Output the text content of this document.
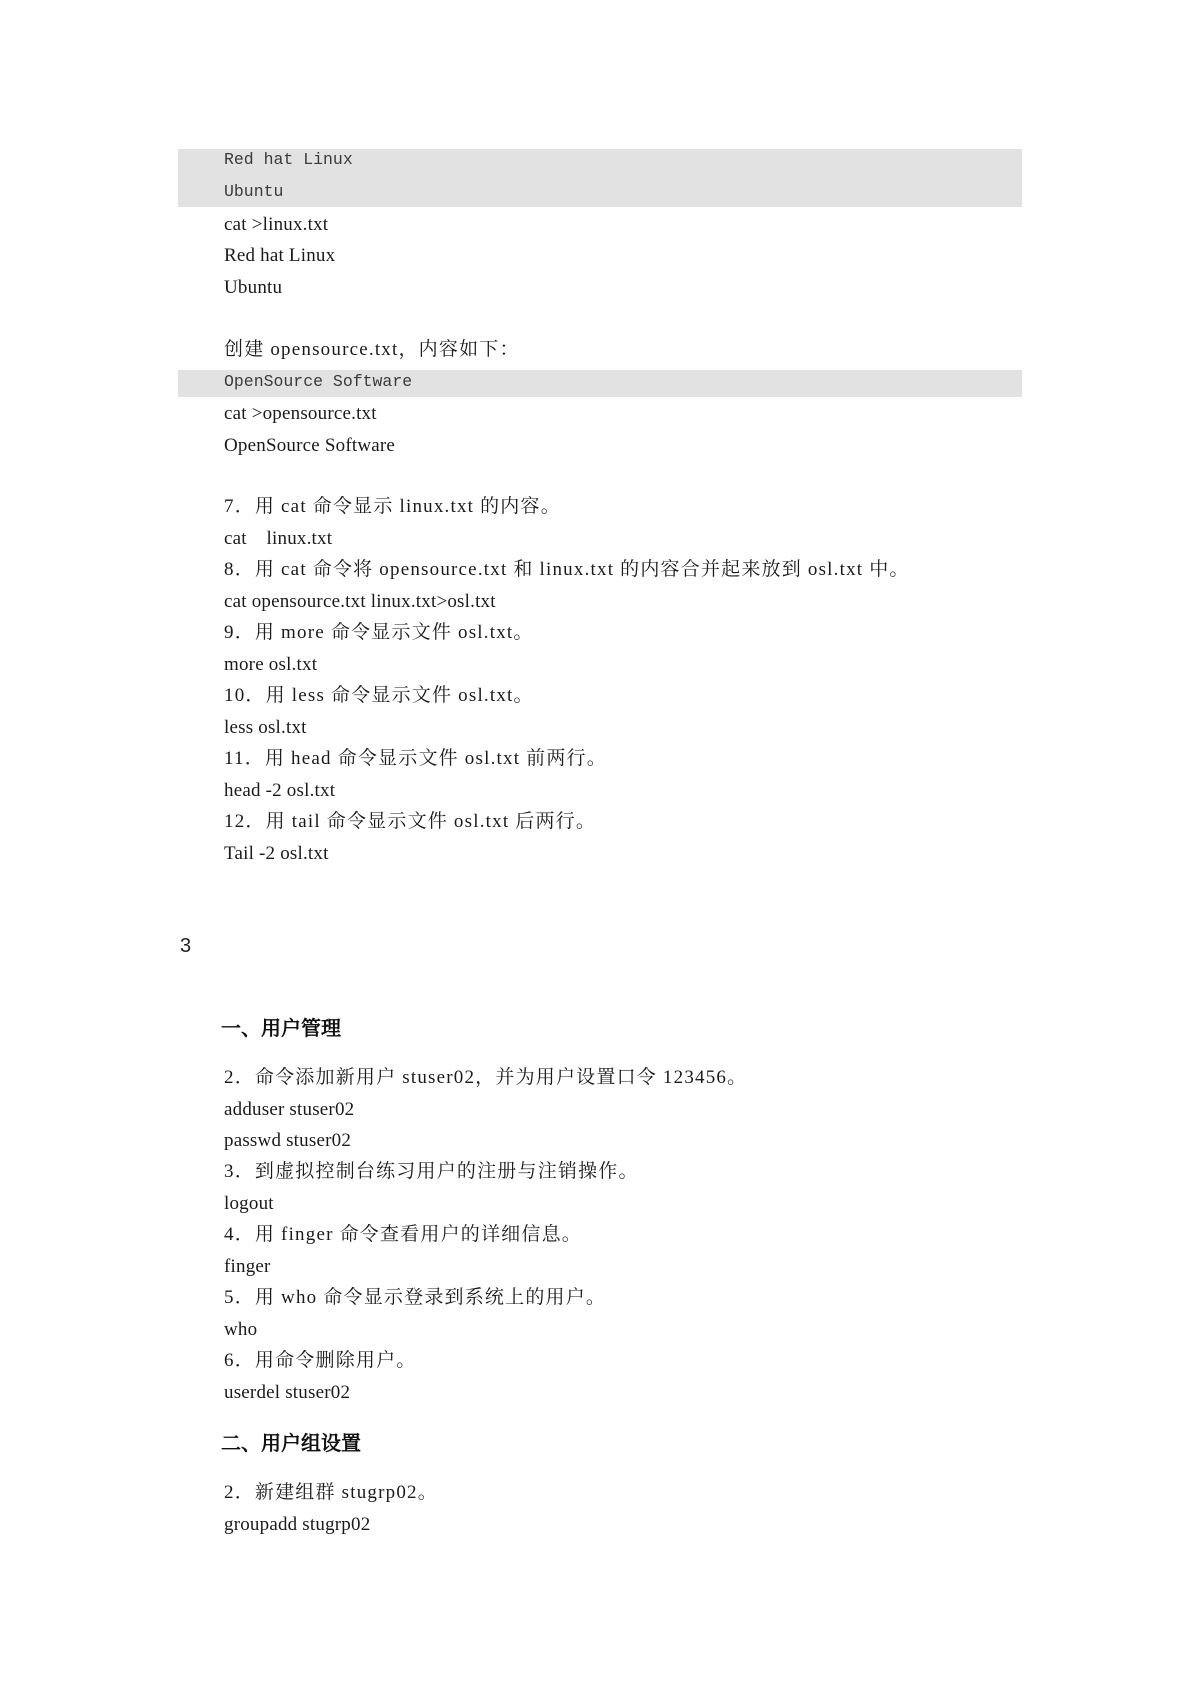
Red hat Linux
Ubuntu
cat >linux.txt
Red hat Linux
Ubuntu
创建 opensource.txt，内容如下：
OpenSource Software
cat >opensource.txt
OpenSource Software
7．用 cat 命令显示 linux.txt 的内容。
cat    linux.txt
8．用 cat 命令将 opensource.txt 和 linux.txt 的内容合并起来放到 osl.txt 中。
cat opensource.txt linux.txt>osl.txt
9．用 more 命令显示文件 osl.txt。
more osl.txt
10．用 less 命令显示文件 osl.txt。
less osl.txt
11．用 head 命令显示文件 osl.txt 前两行。
head -2 osl.txt
12．用 tail 命令显示文件 osl.txt 后两行。
Tail -2 osl.txt
3
一、用户管理
2．命令添加新用户 stuser02，并为用户设置口令 123456。
adduser stuser02
passwd stuser02
3．到虚拟控制台练习用户的注册与注销操作。
logout
4．用 finger 命令查看用户的详细信息。
finger
5．用 who 命令显示登录到系统上的用户。
who
6．用命令删除用户。
userdel stuser02
二、用户组设置
2．新建组群 stugrp02。
groupadd stugrp02
